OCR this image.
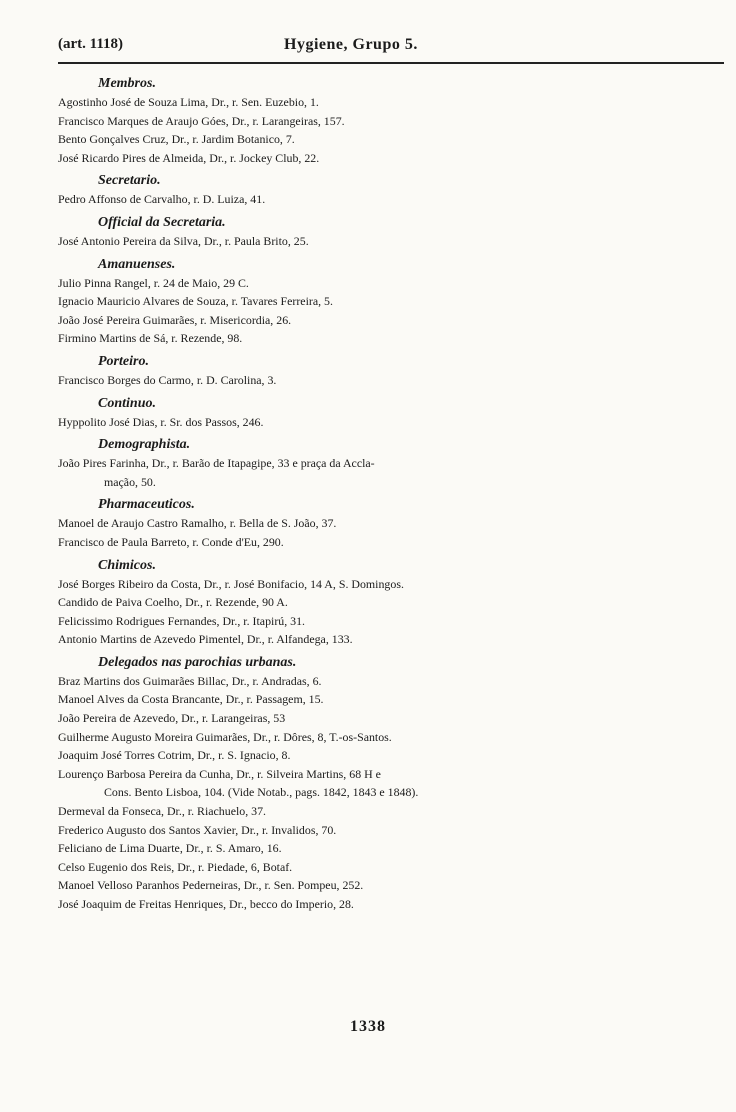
(art. 1118)	Hygiene, Grupo 5.
Membros.
Agostinho José de Souza Lima, Dr., r. Sen. Euzebio, 1.
Francisco Marques de Araujo Góes, Dr., r. Larangeiras, 157.
Bento Gonçalves Cruz, Dr., r. Jardim Botanico, 7.
José Ricardo Pires de Almeida, Dr., r. Jockey Club, 22.
Secretario.
Pedro Affonso de Carvalho, r. D. Luiza, 41.
Official da Secretaria.
José Antonio Pereira da Silva, Dr., r. Paula Brito, 25.
Amanuenses.
Julio Pinna Rangel, r. 24 de Maio, 29 C.
Ignacio Mauricio Alvares de Souza, r. Tavares Ferreira, 5.
João José Pereira Guimarães, r. Misericordia, 26.
Firmino Martins de Sá, r. Rezende, 98.
Porteiro.
Francisco Borges do Carmo, r. D. Carolina, 3.
Continuo.
Hyppolito José Dias, r. Sr. dos Passos, 246.
Demographista.
João Pires Farinha, Dr., r. Barão de Itapagipe, 33 e praça da Accla-
mação, 50.
Pharmaceuticos.
Manoel de Araujo Castro Ramalho, r. Bella de S. João, 37.
Francisco de Paula Barreto, r. Conde d'Eu, 290.
Chimicos.
José Borges Ribeiro da Costa, Dr., r. José Bonifacio, 14 A, S. Domingos.
Candido de Paiva Coelho, Dr., r. Rezende, 90 A.
Felicissimo Rodrigues Fernandes, Dr., r. Itapirú, 31.
Antonio Martins de Azevedo Pimentel, Dr., r. Alfandega, 133.
Delegados nas parochias urbanas.
Braz Martins dos Guimarães Billac, Dr., r. Andradas, 6.
Manoel Alves da Costa Brancante, Dr., r. Passagem, 15.
João Pereira de Azevedo, Dr., r. Larangeiras, 53
Guilherme Augusto Moreira Guimarães, Dr., r. Dôres, 8, T.-os-Santos.
Joaquim José Torres Cotrim, Dr., r. S. Ignacio, 8.
Lourenço Barbosa Pereira da Cunha, Dr., r. Silveira Martins, 68 H e
Cons. Bento Lisboa, 104. (Vide Notab., pags. 1842, 1843 e 1848).
Dermeval da Fonseca, Dr., r. Riachuelo, 37.
Frederico Augusto dos Santos Xavier, Dr., r. Invalidos, 70.
Feliciano de Lima Duarte, Dr., r. S. Amaro, 16.
Celso Eugenio dos Reis, Dr., r. Piedade, 6, Botaf.
Manoel Velloso Paranhos Pederneiras, Dr., r. Sen. Pompeu, 252.
José Joaquim de Freitas Henriques, Dr., becco do Imperio, 28.
1338
